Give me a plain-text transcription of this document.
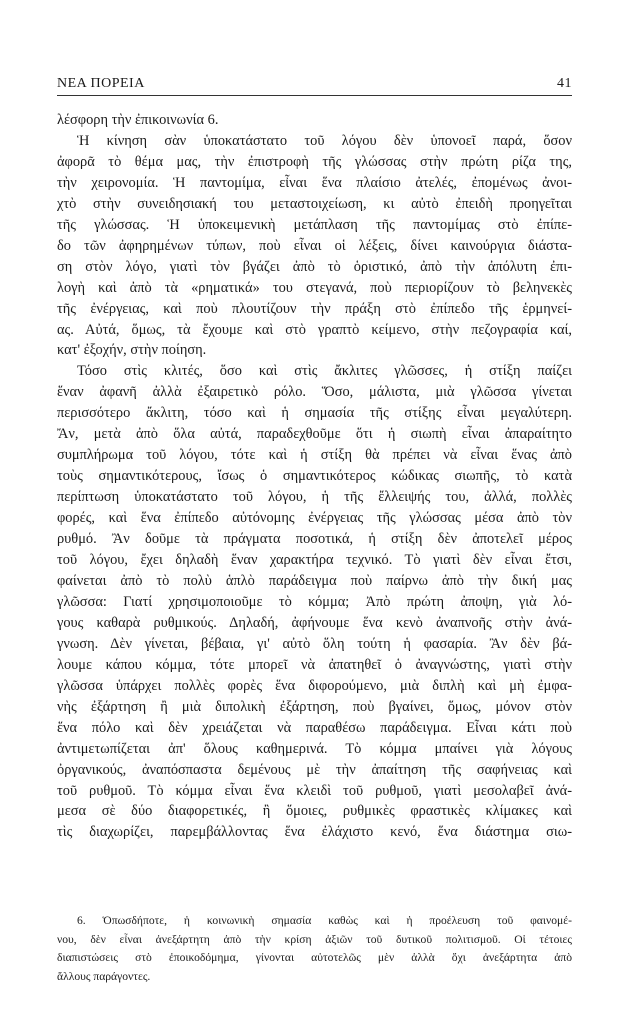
ΝΕΑ ΠΟΡΕΙΑ	41
λέσφορη τὴν ἐπικοινωνία 6.
Ἡ κίνηση σὰν ὑποκατάστατο τοῦ λόγου δὲν ὑπονοεῖ παρά, ὅσον
ἀφορᾶ τὸ θέμα μας, τὴν ἐπιστροφὴ τῆς γλώσσας στὴν πρώτη ρίζα της,
τὴν χειρονομία. Ἡ παντομίμα, εἶναι ἕνα πλαίσιο ἀτελές, ἐπομένως ἀνοι-
χτὸ στὴν συνειδησιακή του μεταστοιχείωση, κι αὐτὸ ἐπειδὴ προηγεῖται
τῆς γλώσσας. Ἡ ὑποκειμενικὴ μετάπλαση τῆς παντομίμας στὸ ἐπίπε-
δο τῶν ἀφηρημένων τύπων, ποὺ εἶναι οἱ λέξεις, δίνει καινούργια διάστα-
ση στὸν λόγο, γιατὶ τὸν βγάζει ἀπὸ τὸ ὁριστικό, ἀπὸ τὴν ἀπόλυτη ἐπι-
λογὴ καὶ ἀπὸ τὰ «ρηματικά» του στεγανά, ποὺ περιορίζουν τὸ βεληνεκὲς
τῆς ἐνέργειας, καὶ ποὺ πλουτίζουν τὴν πράξη στὸ ἐπίπεδο τῆς ἑρμηνεί-
ας. Αὐτά, ὅμως, τὰ ἔχουμε καὶ στὸ γραπτὸ κείμενο, στὴν πεζογραφία καί,
κατ' ἐξοχήν, στὴν ποίηση.
Τόσο στὶς κλιτές, ὅσο καὶ στὶς ἄκλιτες γλῶσσες, ἡ στίξη παίζει
ἕναν ἀφανῆ ἀλλὰ ἐξαιρετικὸ ρόλο. Ὅσο, μάλιστα, μιὰ γλῶσσα γίνεται
περισσότερο ἄκλιτη, τόσο καὶ ἡ σημασία τῆς στίξης εἶναι μεγαλύτερη.
Ἄν, μετὰ ἀπὸ ὅλα αὐτά, παραδεχθοῦμε ὅτι ἡ σιωπὴ εἶναι ἀπαραίτητο
συμπλήρωμα τοῦ λόγου, τότε καὶ ἡ στίξη θὰ πρέπει νὰ εἶναι ἕνας ἀπὸ
τοὺς σημαντικότερους, ἴσως ὁ σημαντικότερος κώδικας σιωπῆς, τὸ κατὰ
περίπτωση ὑποκατάστατο τοῦ λόγου, ἡ τῆς ἔλλειψής του, ἀλλά, πολλὲς
φορές, καὶ ἕνα ἐπίπεδο αὐτόνομης ἐνέργειας τῆς γλώσσας μέσα ἀπὸ τὸν
ρυθμό. Ἂν δοῦμε τὰ πράγματα ποσοτικά, ἡ στίξη δὲν ἀποτελεῖ μέρος
τοῦ λόγου, ἔχει δηλαδὴ ἕναν χαρακτήρα τεχνικό. Τὸ γιατὶ δὲν εἶναι ἔτσι,
φαίνεται ἀπὸ τὸ πολὺ ἁπλὸ παράδειγμα ποὺ παίρνω ἀπὸ τὴν δική μας
γλῶσσα: Γιατί χρησιμοποιοῦμε τὸ κόμμα; Ἀπὸ πρώτη ἀποψη, γιὰ λό-
γους καθαρὰ ρυθμικούς. Δηλαδή, ἀφήνουμε ἕνα κενὸ ἀναπνοῆς στὴν ἀνά-
γνωση. Δὲν γίνεται, βέβαια, γι' αὐτὸ ὅλη τούτη ἡ φασαρία. Ἂν δὲν βά-
λουμε κάπου κόμμα, τότε μπορεῖ νὰ ἀπατηθεῖ ὁ ἀναγνώστης, γιατὶ στὴν
γλῶσσα ὑπάρχει πολλὲς φορὲς ἕνα διφορούμενο, μιὰ διπλὴ καὶ μὴ ἐμφα-
νὴς ἐξάρτηση ἢ μιὰ διπολικὴ ἐξάρτηση, ποὺ βγαίνει, ὅμως, μόνον στὸν
ἕνα πόλο καὶ δὲν χρειάζεται νὰ παραθέσω παράδειγμα. Εἶναι κάτι ποὺ
ἀντιμετωπίζεται ἀπ' ὅλους καθημερινά. Τὸ κόμμα μπαίνει γιὰ λόγους
ὀργανικούς, ἀναπόσπαστα δεμένους μὲ τὴν ἀπαίτηση τῆς σαφήνειας καὶ
τοῦ ρυθμοῦ. Τὸ κόμμα εἶναι ἕνα κλειδὶ τοῦ ρυθμοῦ, γιατὶ μεσολαβεῖ ἀνά-
μεσα σὲ δύο διαφορετικές, ἢ ὅμοιες, ρυθμικὲς φραστικὲς κλίμακες καὶ
τὶς διαχωρίζει, παρεμβάλλοντας ἕνα ἐλάχιστο κενό, ἕνα διάστημα σιω-
6. Ὁπωσδήποτε, ἡ κοινωνικὴ σημασία καθὼς καὶ ἡ προέλευση τοῦ φαινομέ-
νου, δὲν εἶναι ἀνεξάρτητη ἀπὸ τὴν κρίση ἀξιῶν τοῦ δυτικοῦ πολιτισμοῦ. Οἱ τέτοιες
διαπιστώσεις στὸ ἐποικοδόμημα, γίνονται αὐτοτελῶς μὲν ἀλλὰ ὄχι ἀνεξάρτητα ἀπὸ
ἄλλους παράγοντες.
